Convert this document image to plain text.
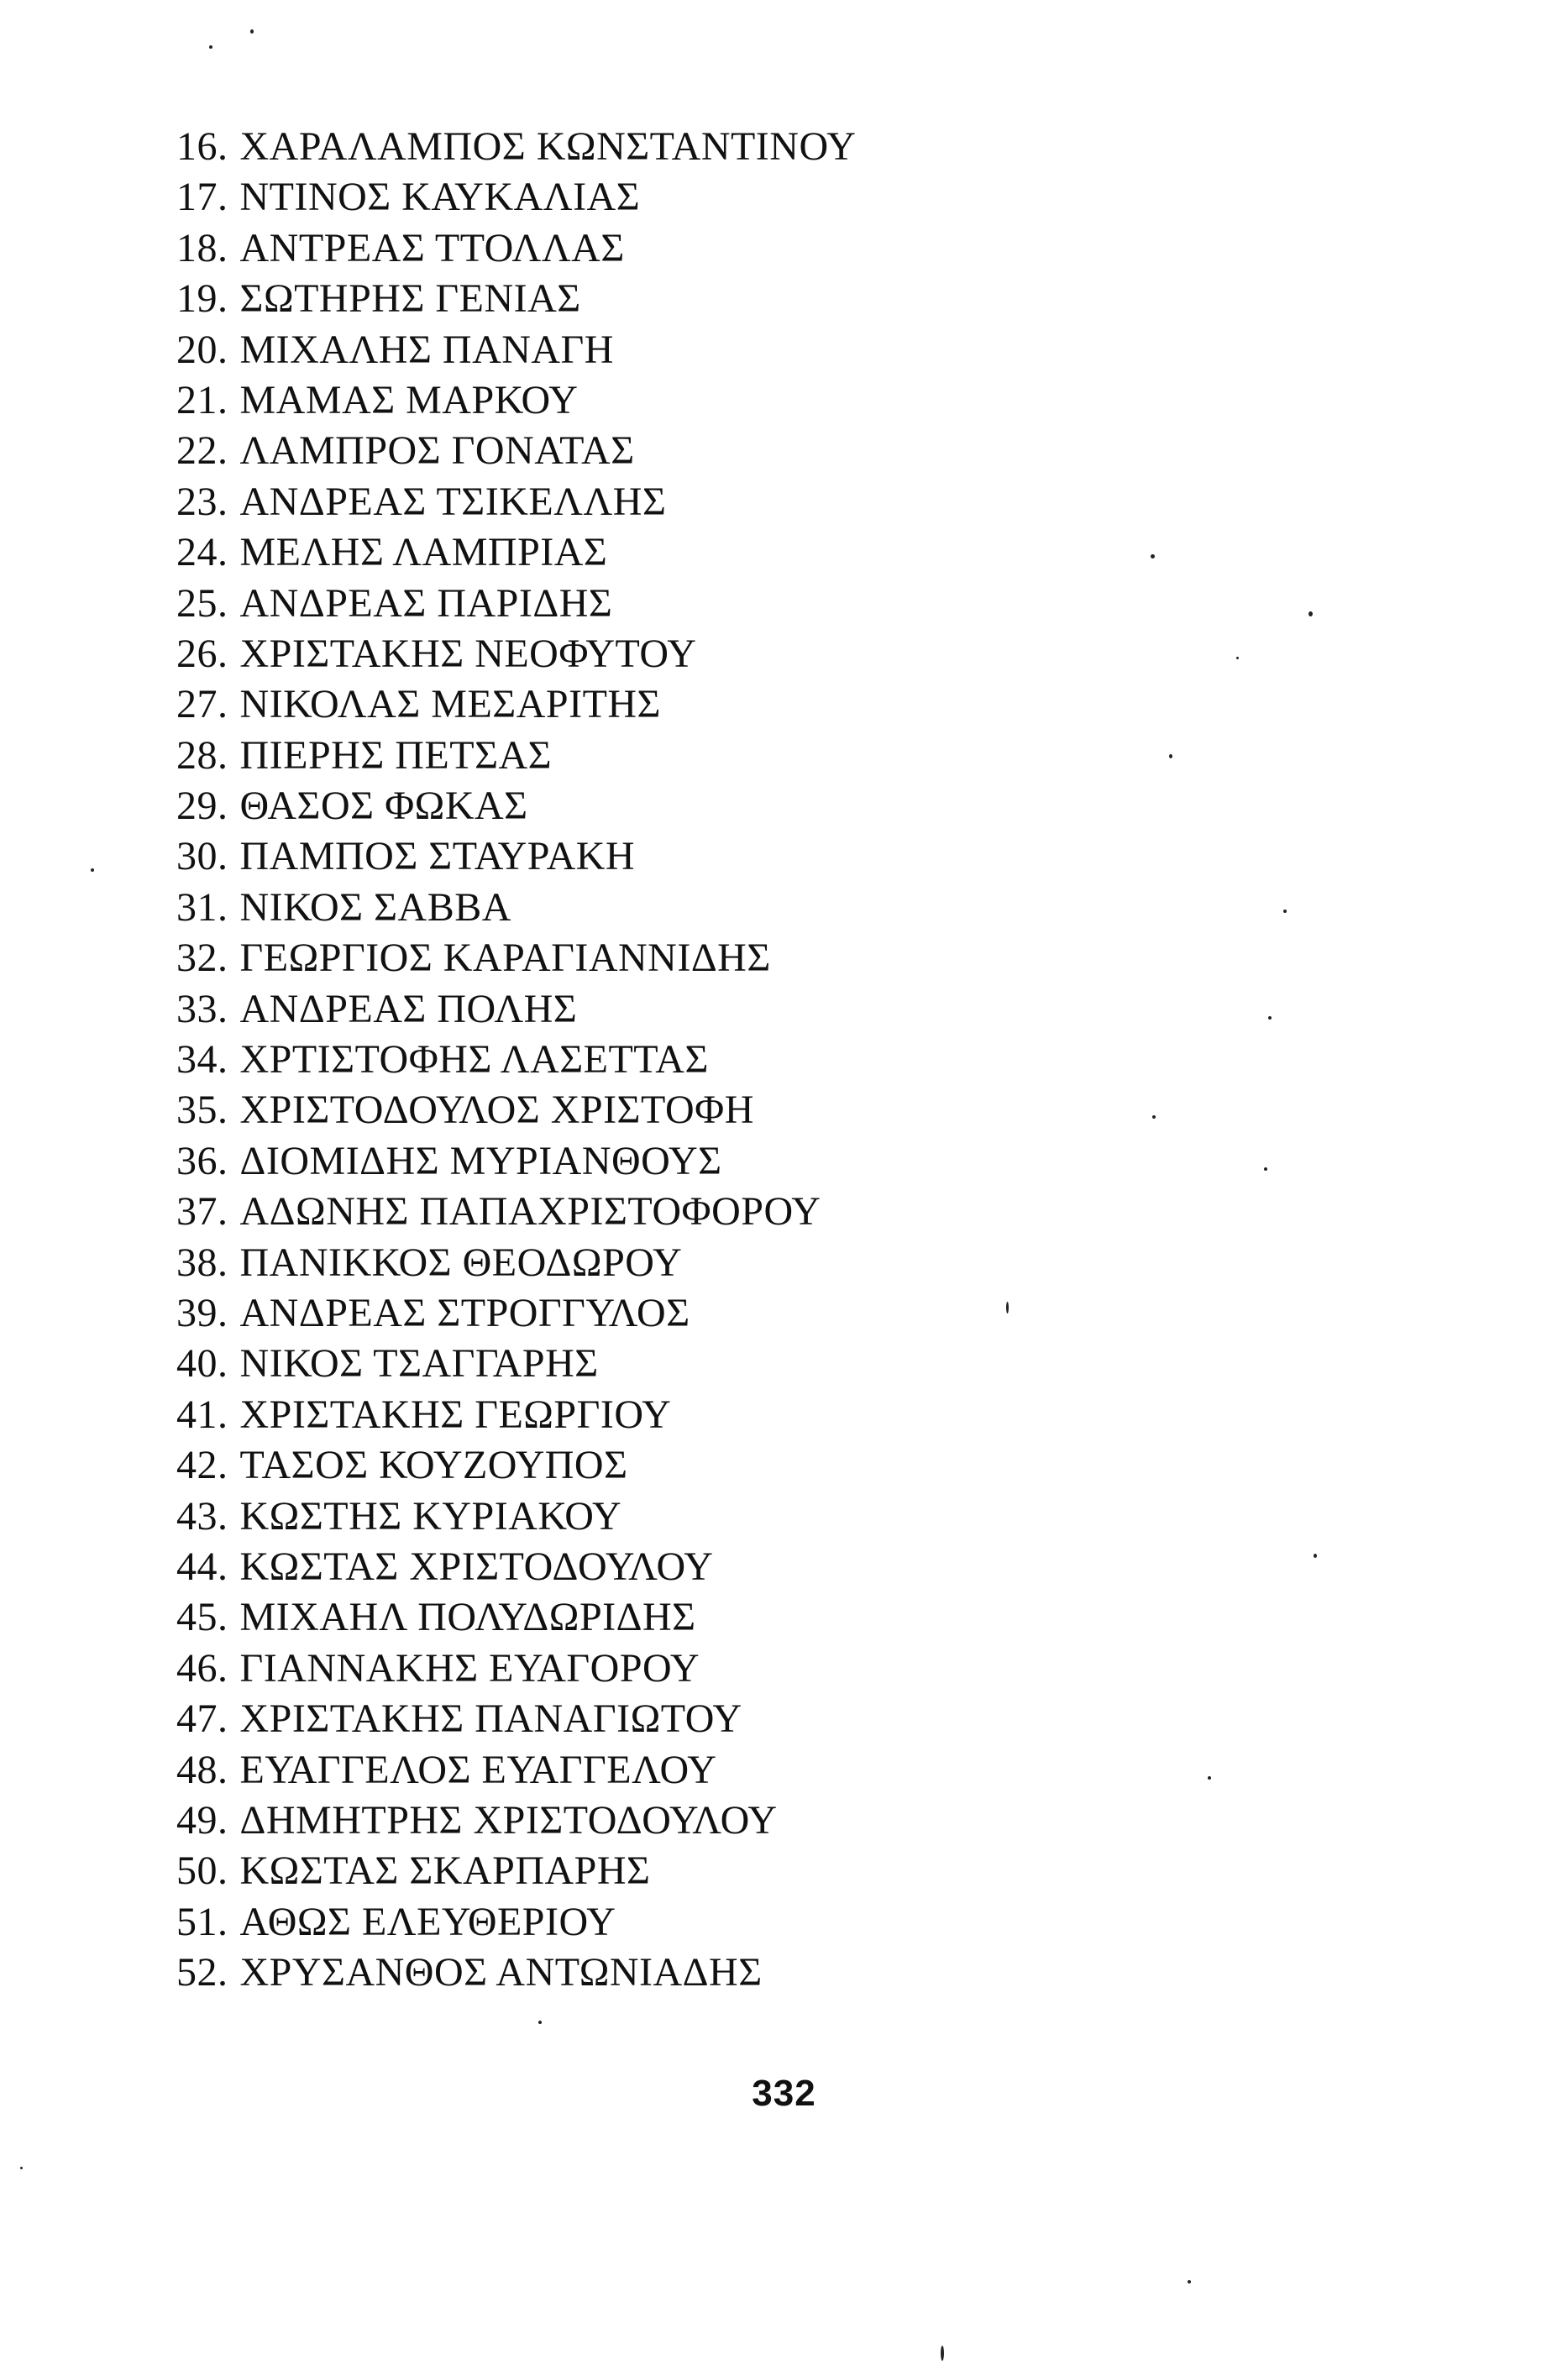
16. ΧΑΡΑΛΑΜΠΟΣ ΚΩΝΣΤΑΝΤΙΝΟΥ
17. ΝΤΙΝΟΣ ΚΑΥΚΑΛΙΑΣ
18. ΑΝΤΡΕΑΣ ΤΤΟΛΛΑΣ
19. ΣΩΤΗΡΗΣ ΓΕΝΙΑΣ
20. ΜΙΧΑΛΗΣ ΠΑΝΑΓΗ
21. ΜΑΜΑΣ ΜΑΡΚΟΥ
22. ΛΑΜΠΡΟΣ ΓΟΝΑΤΑΣ
23. ΑΝΔΡΕΑΣ ΤΣΙΚΕΛΛΗΣ
24. ΜΕΛΗΣ ΛΑΜΠΡΙΑΣ
25. ΑΝΔΡΕΑΣ ΠΑΡΙΔΗΣ
26. ΧΡΙΣΤΑΚΗΣ ΝΕΟΦΥΤΟΥ
27. ΝΙΚΟΛΑΣ ΜΕΣΑΡΙΤΗΣ
28. ΠΙΕΡΗΣ ΠΕΤΣΑΣ
29. ΘΑΣΟΣ ΦΩΚΑΣ
30. ΠΑΜΠΟΣ ΣΤΑΥΡΑΚΗ
31. ΝΙΚΟΣ ΣΑΒΒΑ
32. ΓΕΩΡΓΙΟΣ ΚΑΡΑΓΙΑΝΝΙΔΗΣ
33. ΑΝΔΡΕΑΣ ΠΟΛΗΣ
34. ΧΡΤΙΣΤΟΦΗΣ ΛΑΣΕΤΤΑΣ
35. ΧΡΙΣΤΟΔΟΥΛΟΣ ΧΡΙΣΤΟΦΗ
36. ΔΙΟΜΙΔΗΣ ΜΥΡΙΑΝΘΟΥΣ
37. ΑΔΩΝΗΣ ΠΑΠΑΧΡΙΣΤΟΦΟΡΟΥ
38. ΠΑΝΙΚΚΟΣ ΘΕΟΔΩΡΟΥ
39. ΑΝΔΡΕΑΣ ΣΤΡΟΓΓΥΛΟΣ
40. ΝΙΚΟΣ ΤΣΑΓΓΑΡΗΣ
41. ΧΡΙΣΤΑΚΗΣ ΓΕΩΡΓΙΟΥ
42. ΤΑΣΟΣ ΚΟΥΖΟΥΠΟΣ
43. ΚΩΣΤΗΣ ΚΥΡΙΑΚΟΥ
44. ΚΩΣΤΑΣ ΧΡΙΣΤΟΔΟΥΛΟΥ
45. ΜΙΧΑΗΛ ΠΟΛΥΔΩΡΙΔΗΣ
46. ΓΙΑΝΝΑΚΗΣ ΕΥΑΓΟΡΟΥ
47. ΧΡΙΣΤΑΚΗΣ ΠΑΝΑΓΙΩΤΟΥ
48. ΕΥΑΓΓΕΛΟΣ ΕΥΑΓΓΕΛΟΥ
49. ΔΗΜΗΤΡΗΣ ΧΡΙΣΤΟΔΟΥΛΟΥ
50. ΚΩΣΤΑΣ ΣΚΑΡΠΑΡΗΣ
51. ΑΘΩΣ ΕΛΕΥΘΕΡΙΟΥ
52. ΧΡΥΣΑΝΘΟΣ ΑΝΤΩΝΙΑΔΗΣ
332
